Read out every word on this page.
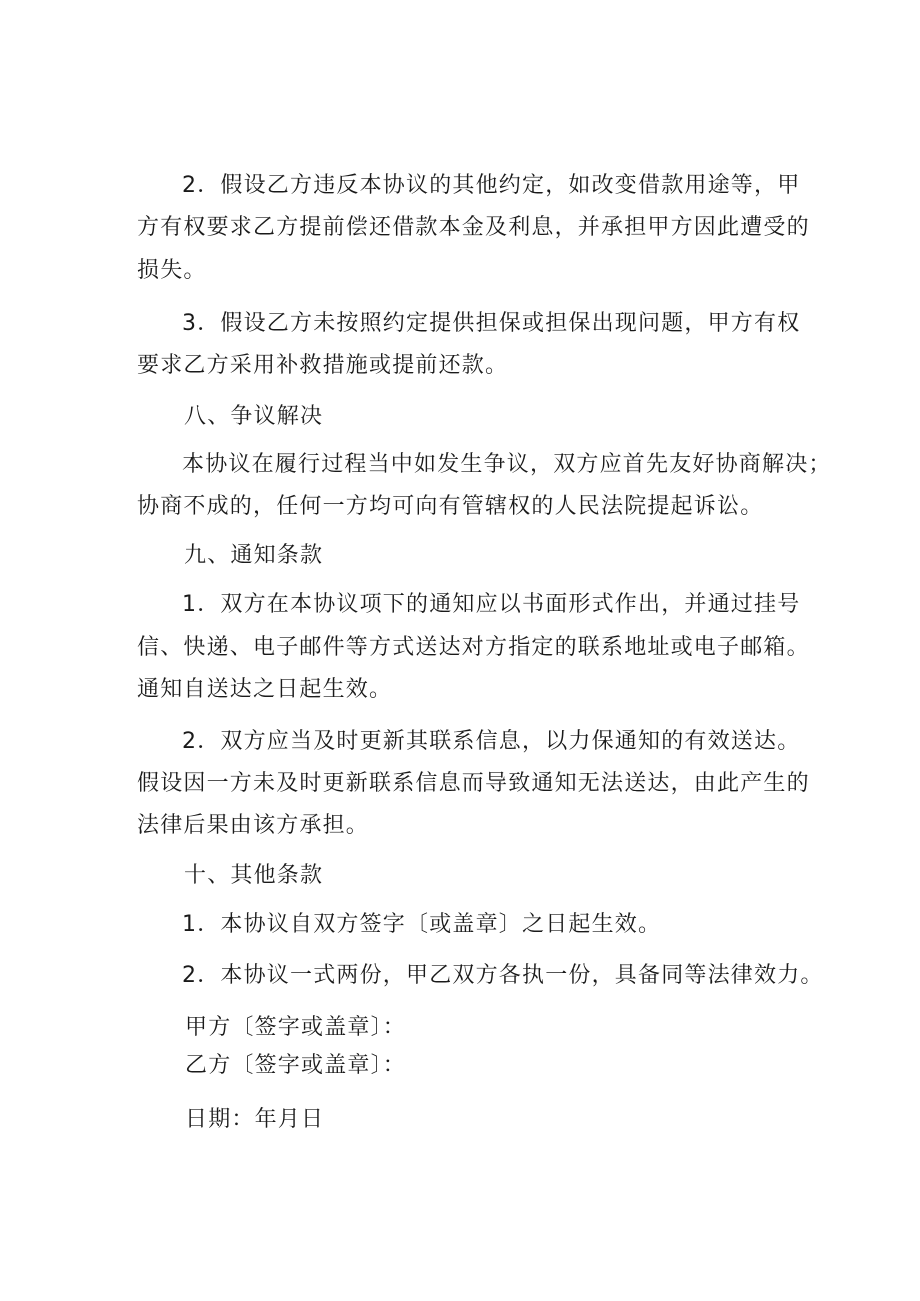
2．假设乙方违反本协议的其他约定，如改变借款用途等，甲
方有权要求乙方提前偿还借款本金及利息，并承担甲方因此遭受的
损失。
3．假设乙方未按照约定提供担保或担保出现问题，甲方有权
要求乙方采用补救措施或提前还款。
八、争议解决
本协议在履行过程当中如发生争议，双方应首先友好协商解决；
协商不成的，任何一方均可向有管辖权的人民法院提起诉讼。
九、通知条款
1．双方在本协议项下的通知应以书面形式作出，并通过挂号
信、快递、电子邮件等方式送达对方指定的联系地址或电子邮箱。
通知自送达之日起生效。
2．双方应当及时更新其联系信息，以力保通知的有效送达。
假设因一方未及时更新联系信息而导致通知无法送达，由此产生的
法律后果由该方承担。
十、其他条款
1．本协议自双方签字〔或盖章〕之日起生效。
2．本协议一式两份，甲乙双方各执一份，具备同等法律效力。
甲方〔签字或盖章〕：
乙方〔签字或盖章〕：
日期：年月日
